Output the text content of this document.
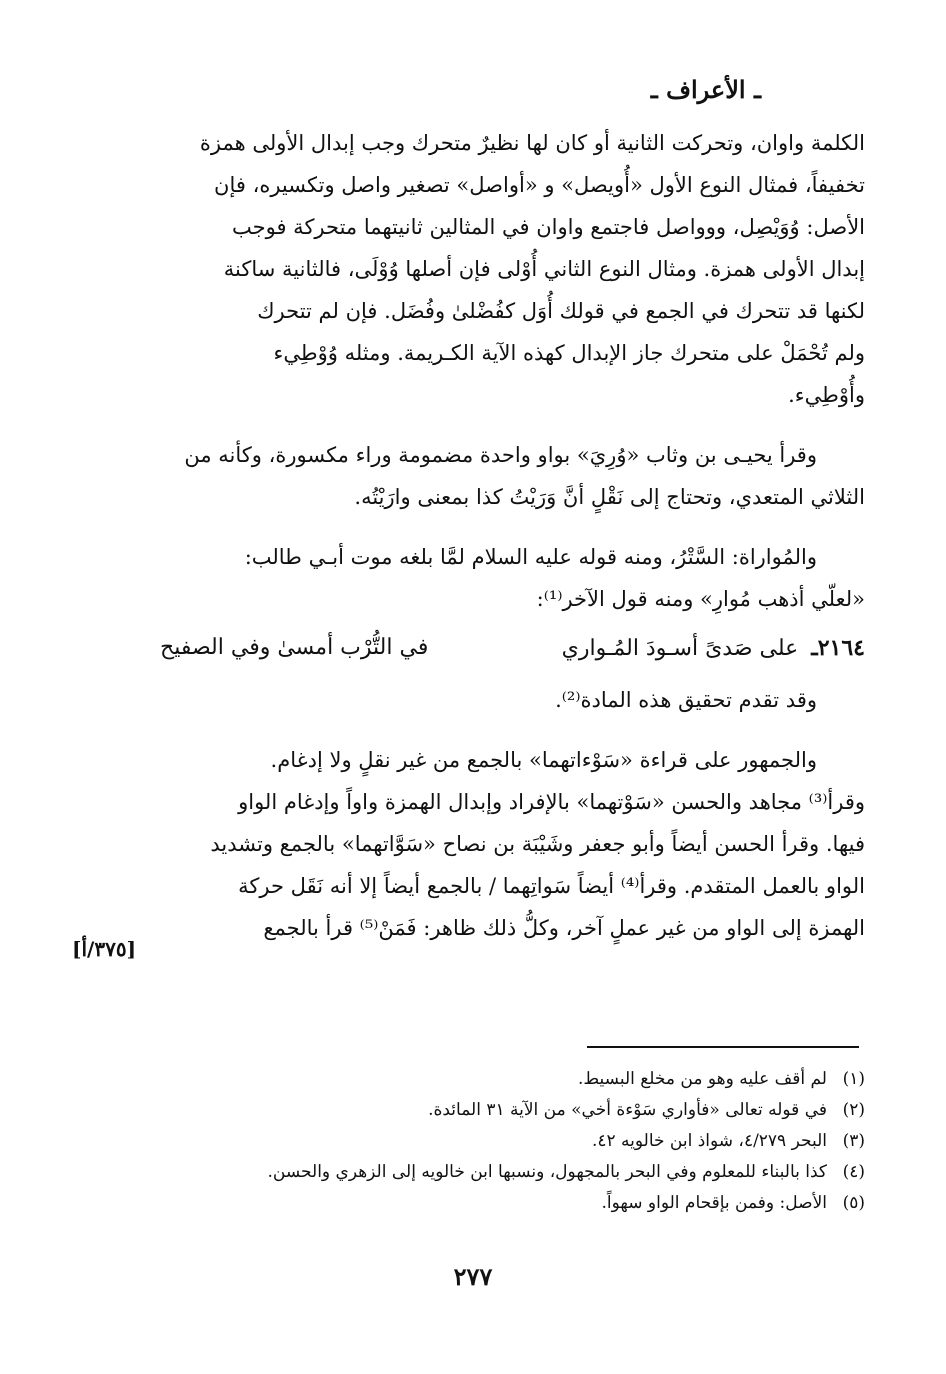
ـ الأعراف ـ

الكلمة واوان، وتحركت الثانية أو كان لها نظيرٌ متحرك وجب إبدال الأولى همزة
تخفيفاً، فمثال النوع الأول «أُويصل» و «أواصل» تصغير واصل وتكسيره، فإن
الأصل: وُوَيْصِل، ووواصل فاجتمع واوان في المثالين ثانيتهما متحركة فوجب
إبدال الأولى همزة. ومثال النوع الثاني أُوْلى فإن أصلها وُوْلَى، فالثانية ساكنة
لكنها قد تتحرك في الجمع في قولك أُوَل كفُضْلىٰ وفُضَل. فإن لم تتحرك
ولم تُحْمَلْ على متحرك جاز الإبدال كهذه الآية الكـريمة. ومثله وُوْطِيء
وأُوْطِيء.

وقرأ يحيـى بن وثاب «وُرِيَ» بواو واحدة مضمومة وراء مكسورة، وكأنه من
الثلاثي المتعدي، وتحتاج إلى نَقْلٍ أنَّ وَرَيْتُ كذا بمعنى وارَيْتُه.

والمُواراة: السَّتْرُ، ومنه قوله عليه السلام لمَّا بلغه موت أبـي طالب:
«لعلّي أذهب مُوارِ» ومنه قول الآخر⁽¹⁾:

٢١٦٤ـ على صَدىً أسـودَ المُـواري
في التُّرْب أمسىٰ وفي الصفيح

وقد تقدم تحقيق هذه المادة⁽²⁾.

والجمهور على قراءة «سَوْءاتهما» بالجمع من غير نقلٍ ولا إدغام.
وقرأ⁽³⁾ مجاهد والحسن «سَوْتهما» بالإفراد وإبدال الهمزة واواً وإدغام الواو
فيها. وقرأ الحسن أيضاً وأبو جعفر وشَيْبَة بن نصاح «سَوَّاتهما» بالجمع وتشديد
الواو بالعمل المتقدم. وقرأ⁽⁴⁾ أيضاً سَواتِهما / بالجمع أيضاً إلا أنه نَقَل حركة
الهمزة إلى الواو من غير عملٍ آخر، وكلُّ ذلك ظاهر: فَمَنْ⁽⁵⁾ قرأ بالجمع

[٣٧٥/أ]
(١)لم أقف عليه وهو من مخلع البسيط.
(٢)في قوله تعالى «فأواري سَوْءة أخي» من الآية ٣١ المائدة.
(٣)البحر ٤/٢٧٩، شواذ ابن خالويه ٤٢.
(٤)كذا بالبناء للمعلوم وفي البحر بالمجهول، ونسبها ابن خالويه إلى الزهري والحسن.
(٥)الأصل: وفمن بإقحام الواو سهواً.
٢٧٧
